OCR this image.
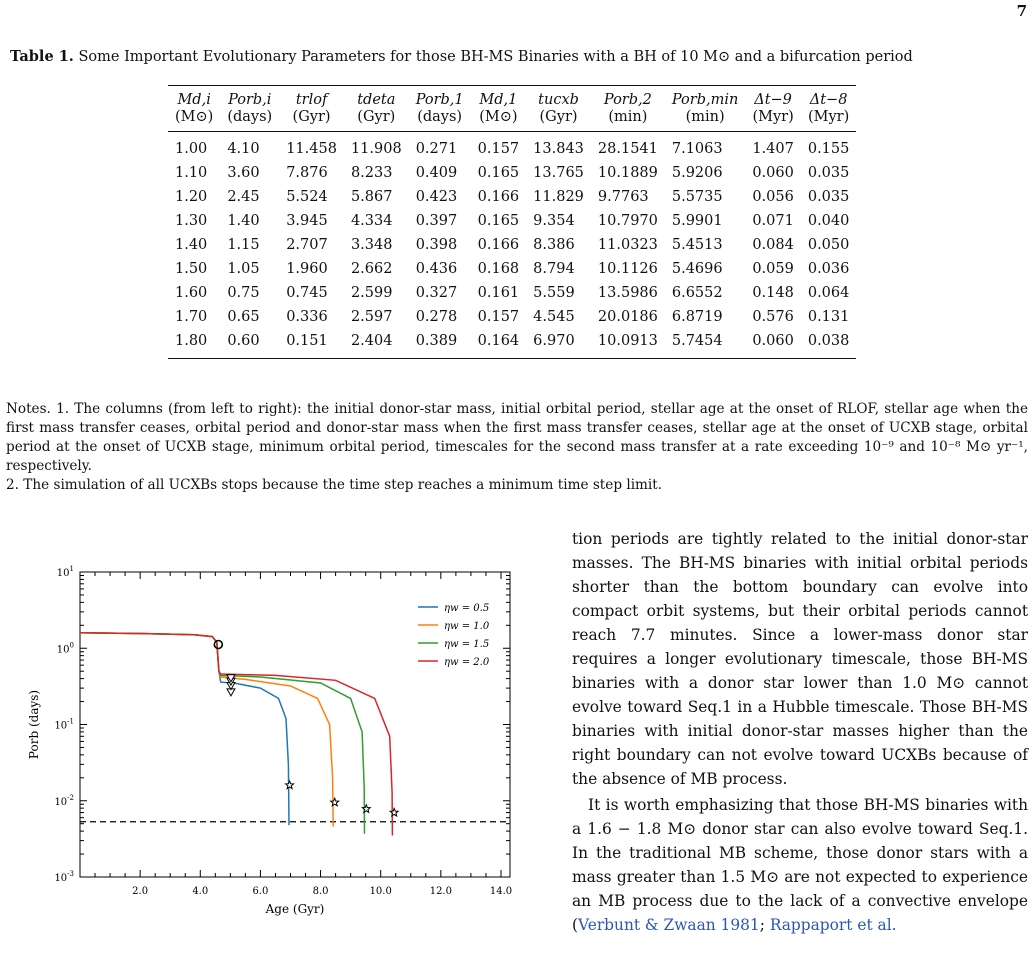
7
Table 1. Some Important Evolutionary Parameters for those BH-MS Binaries with a BH of 10 M⊙ and a bifurcation period
Md,i	Porb,i	trlof	tdeta	Porb,1	Md,1	tucxb	Porb,2	Porb,min	Δt−9	Δt−8
(M⊙)	(days)	(Gyr)	(Gyr)	(days)	(M⊙)	(Gyr)	(min)	(min)	(Myr)	(Myr)
1.00	4.10	11.458	11.908	0.271	0.157	13.843	28.1541	7.1063	1.407	0.155
1.10	3.60	7.876	8.233	0.409	0.165	13.765	10.1889	5.9206	0.060	0.035
1.20	2.45	5.524	5.867	0.423	0.166	11.829	9.7763	5.5735	0.056	0.035
1.30	1.40	3.945	4.334	0.397	0.165	9.354	10.7970	5.9901	0.071	0.040
1.40	1.15	2.707	3.348	0.398	0.166	8.386	11.0323	5.4513	0.084	0.050
1.50	1.05	1.960	2.662	0.436	0.168	8.794	10.1126	5.4696	0.059	0.036
1.60	0.75	0.745	2.599	0.327	0.161	5.559	13.5986	6.6552	0.148	0.064
1.70	0.65	0.336	2.597	0.278	0.157	4.545	20.0186	6.8719	0.576	0.131
1.80	0.60	0.151	2.404	0.389	0.164	6.970	10.0913	5.7454	0.060	0.038

Notes. 1. The columns (from left to right): the initial donor-star mass, initial orbital period, stellar age at the onset of RLOF, stellar age when the first mass transfer ceases, orbital period and donor-star mass when the first mass transfer ceases, stellar age at the onset of UCXB stage, orbital period at the onset of UCXB stage, minimum orbital period, timescales for the second mass transfer at a rate exceeding 10⁻⁹ and 10⁻⁸ M⊙ yr⁻¹, respectively.

2. The simulation of all UCXBs stops because the time step reaches a minimum time step limit.

$10^1$
$10^0$
$10^{-1}$
$10^{-2}$
$10^{-3}$
2.0	4.0	6.0	8.0	10.0	12.0	14.0
Age (Gyr)
Porb (days)
ηw = 0.5
ηw = 1.0
ηw = 1.5
ηw = 2.0

tion periods are tightly related to the initial donor-star masses. The BH-MS binaries with initial orbital periods shorter than the bottom boundary can evolve into compact orbit systems, but their orbital periods cannot reach 7.7 minutes. Since a lower-mass donor star requires a longer evolutionary timescale, those BH-MS binaries with a donor star lower than 1.0 M⊙ cannot evolve toward Seq.1 in a Hubble timescale. Those BH-MS binaries with initial donor-star masses higher than the right boundary can not evolve toward UCXBs because of the absence of MB process.

It is worth emphasizing that those BH-MS binaries with a 1.6 − 1.8 M⊙ donor star can also evolve toward Seq.1. In the traditional MB scheme, those donor stars with a mass greater than 1.5 M⊙ are not expected to experience an MB process due to the lack of a convective envelope (Verbunt & Zwaan 1981; Rappaport et al.
